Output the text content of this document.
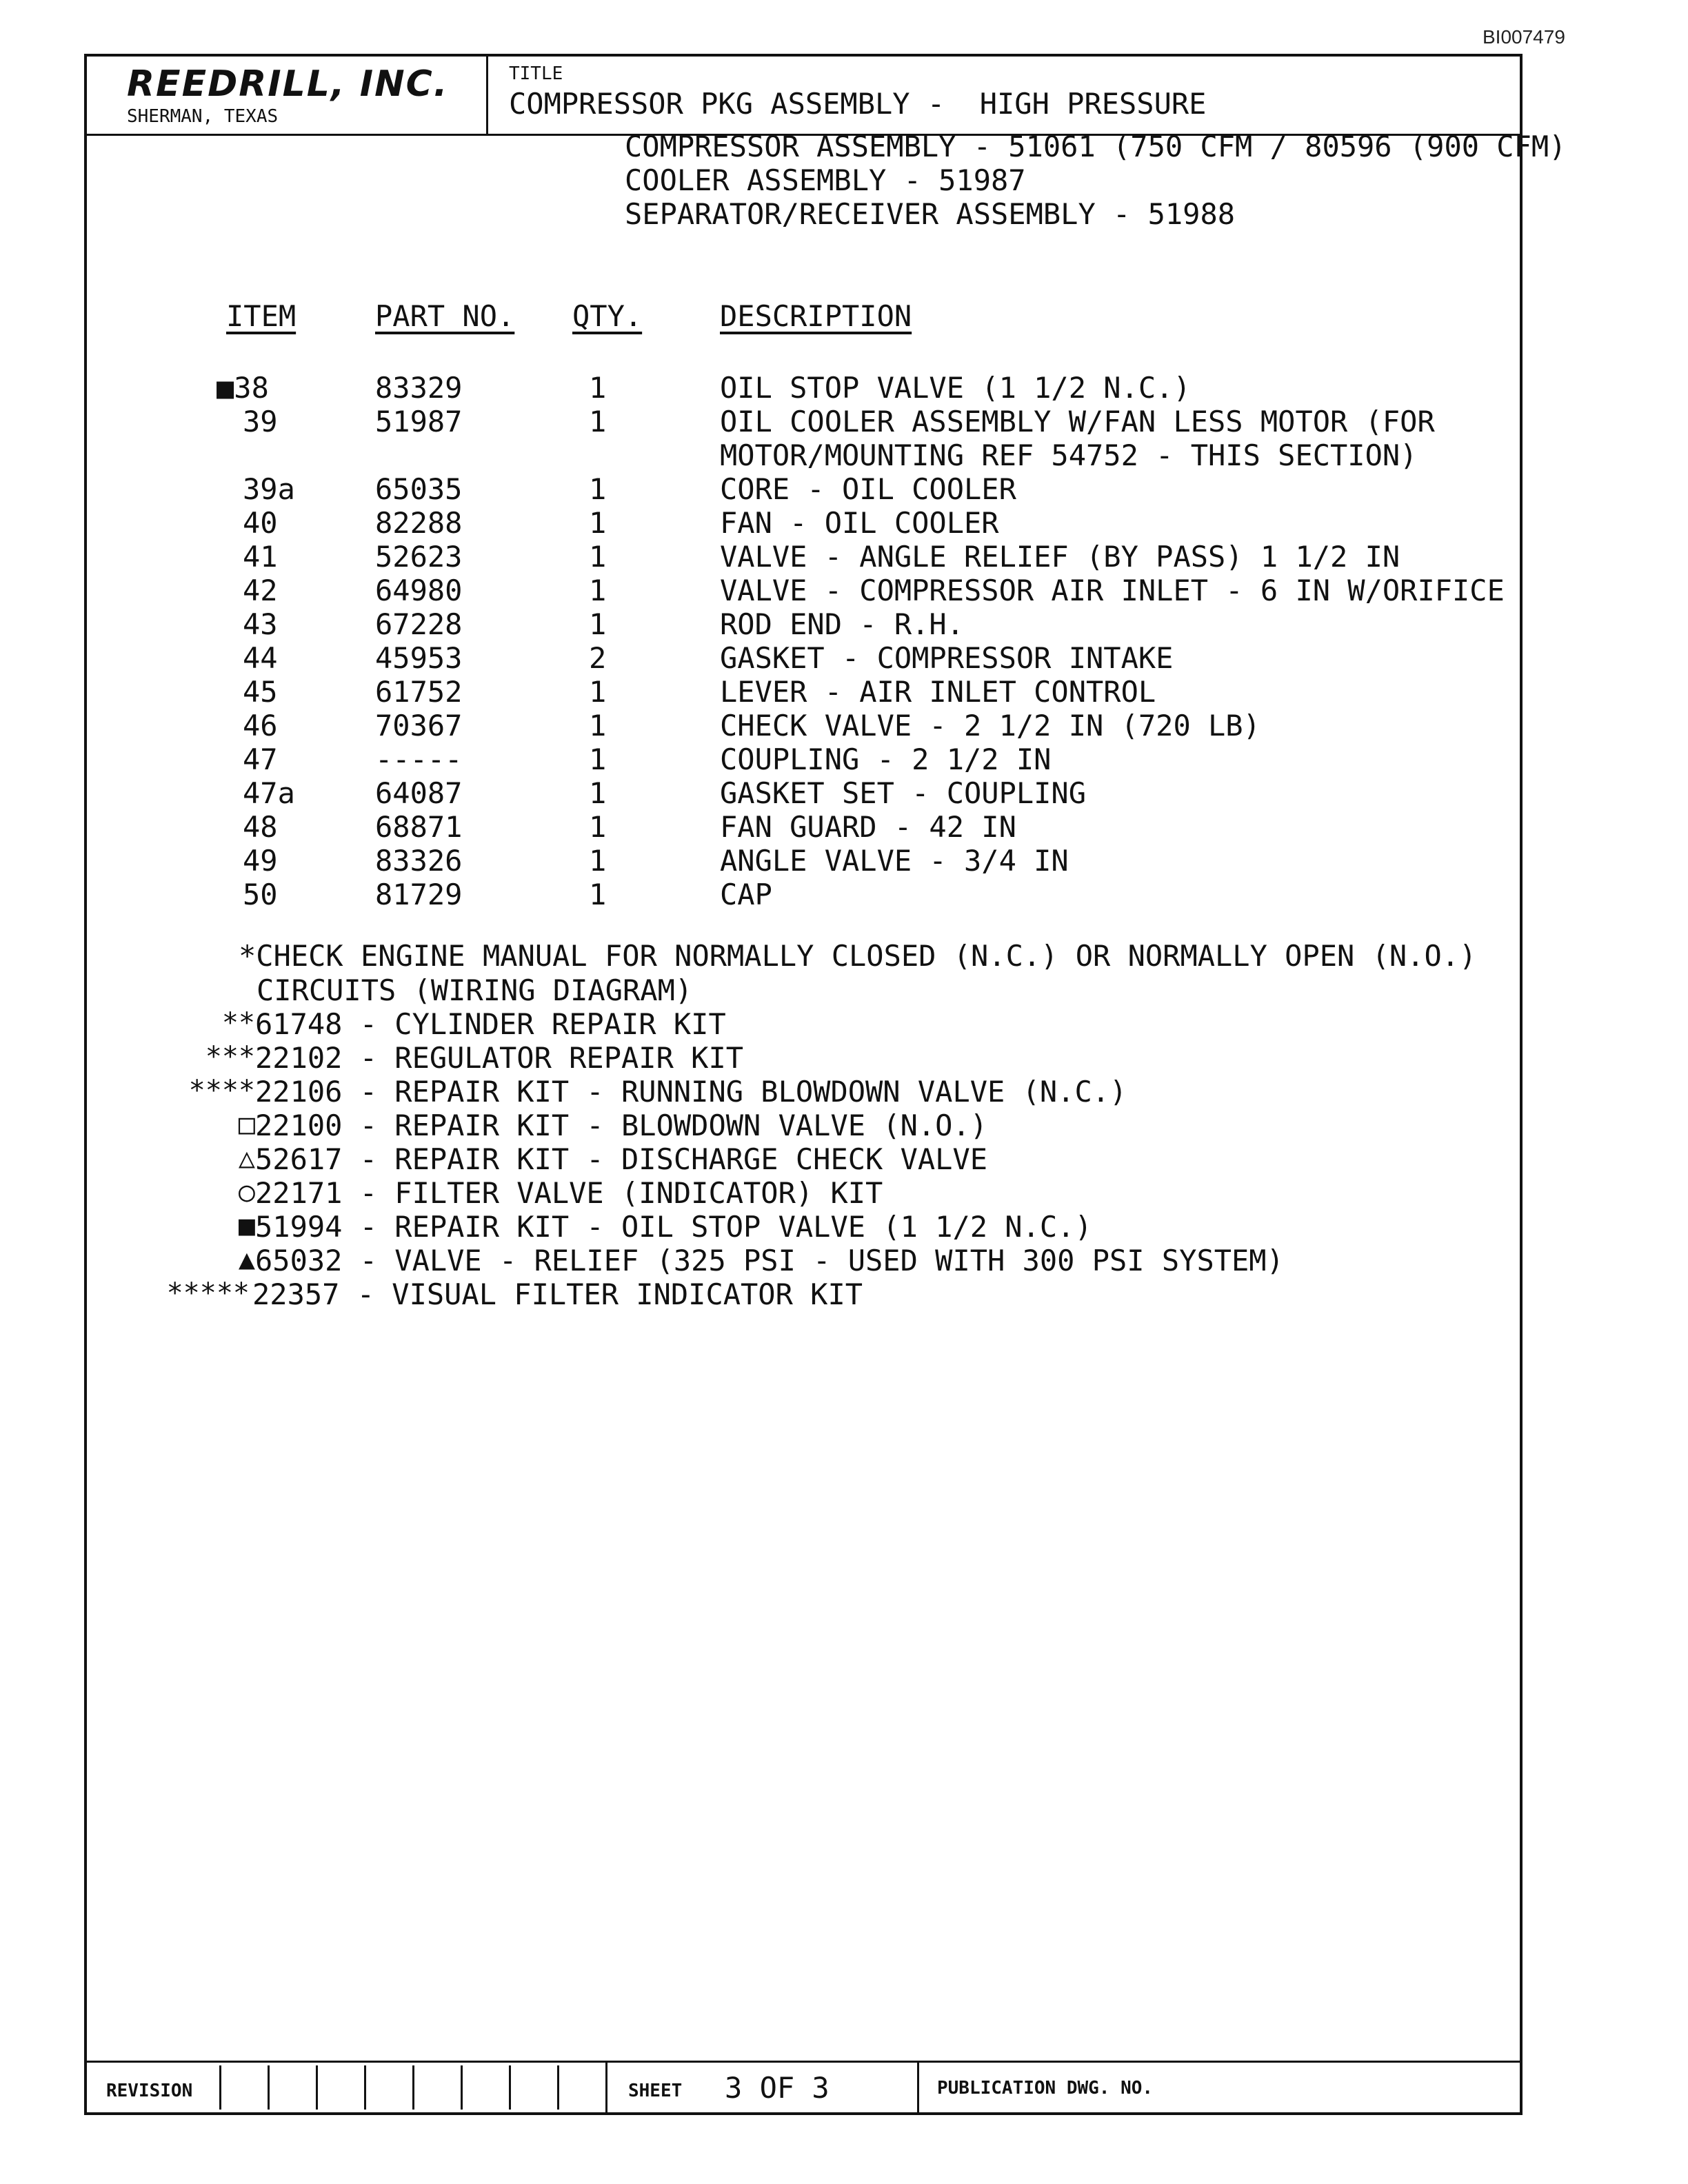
BI007479
REEDRILL, INC.
SHERMAN, TEXAS
TITLE
COMPRESSOR PKG ASSEMBLY -  HIGH PRESSURE
COMPRESSOR ASSEMBLY - 51061 (750 CFM / 80596 (900 CFM)
COOLER ASSEMBLY - 51987
SEPARATOR/RECEIVER ASSEMBLY - 51988
ITEM	PART NO. QTY.	DESCRIPTION
■38	83329	1	OIL STOP VALVE (1 1/2 N.C.)
39	51987	1	OIL COOLER ASSEMBLY W/FAN LESS MOTOR (FOR
MOTOR/MOUNTING REF 54752 - THIS SECTION)
39a	65035	1	CORE - OIL COOLER
40	82288	1	FAN - OIL COOLER
41	52623	1	VALVE - ANGLE RELIEF (BY PASS) 1 1/2 IN
42	64980	1	VALVE - COMPRESSOR AIR INLET - 6 IN W/ORIFICE
43	67228	1	ROD END - R.H.
44	45953	2	GASKET - COMPRESSOR INTAKE
45	61752	1	LEVER - AIR INLET CONTROL
46	70367	1	CHECK VALVE - 2 1/2 IN (720 LB)
47	-----	1	COUPLING - 2 1/2 IN
47a	64087	1	GASKET SET - COUPLING
48	68871	1	FAN GUARD - 42 IN
49	83326	1	ANGLE VALVE - 3/4 IN
50	81729	1	CAP
*CHECK ENGINE MANUAL FOR NORMALLY CLOSED (N.C.) OR NORMALLY OPEN (N.O.)
CIRCUITS (WIRING DIAGRAM)
** 61748 - CYLINDER REPAIR KIT
*** 22102 - REGULATOR REPAIR KIT
**** 22106 - REPAIR KIT - RUNNING BLOWDOWN VALVE (N.C.)
□ 22100 - REPAIR KIT - BLOWDOWN VALVE (N.O.)
△ 52617 - REPAIR KIT - DISCHARGE CHECK VALVE
○ 22171 - FILTER VALVE (INDICATOR) KIT
■ 51994 - REPAIR KIT - OIL STOP VALVE (1 1/2 N.C.)
▲ 65032 - VALVE - RELIEF (325 PSI - USED WITH 300 PSI SYSTEM)
***** 22357 - VISUAL FILTER INDICATOR KIT
REVISION	SHEET 3 OF 3	PUBLICATION DWG. NO.
